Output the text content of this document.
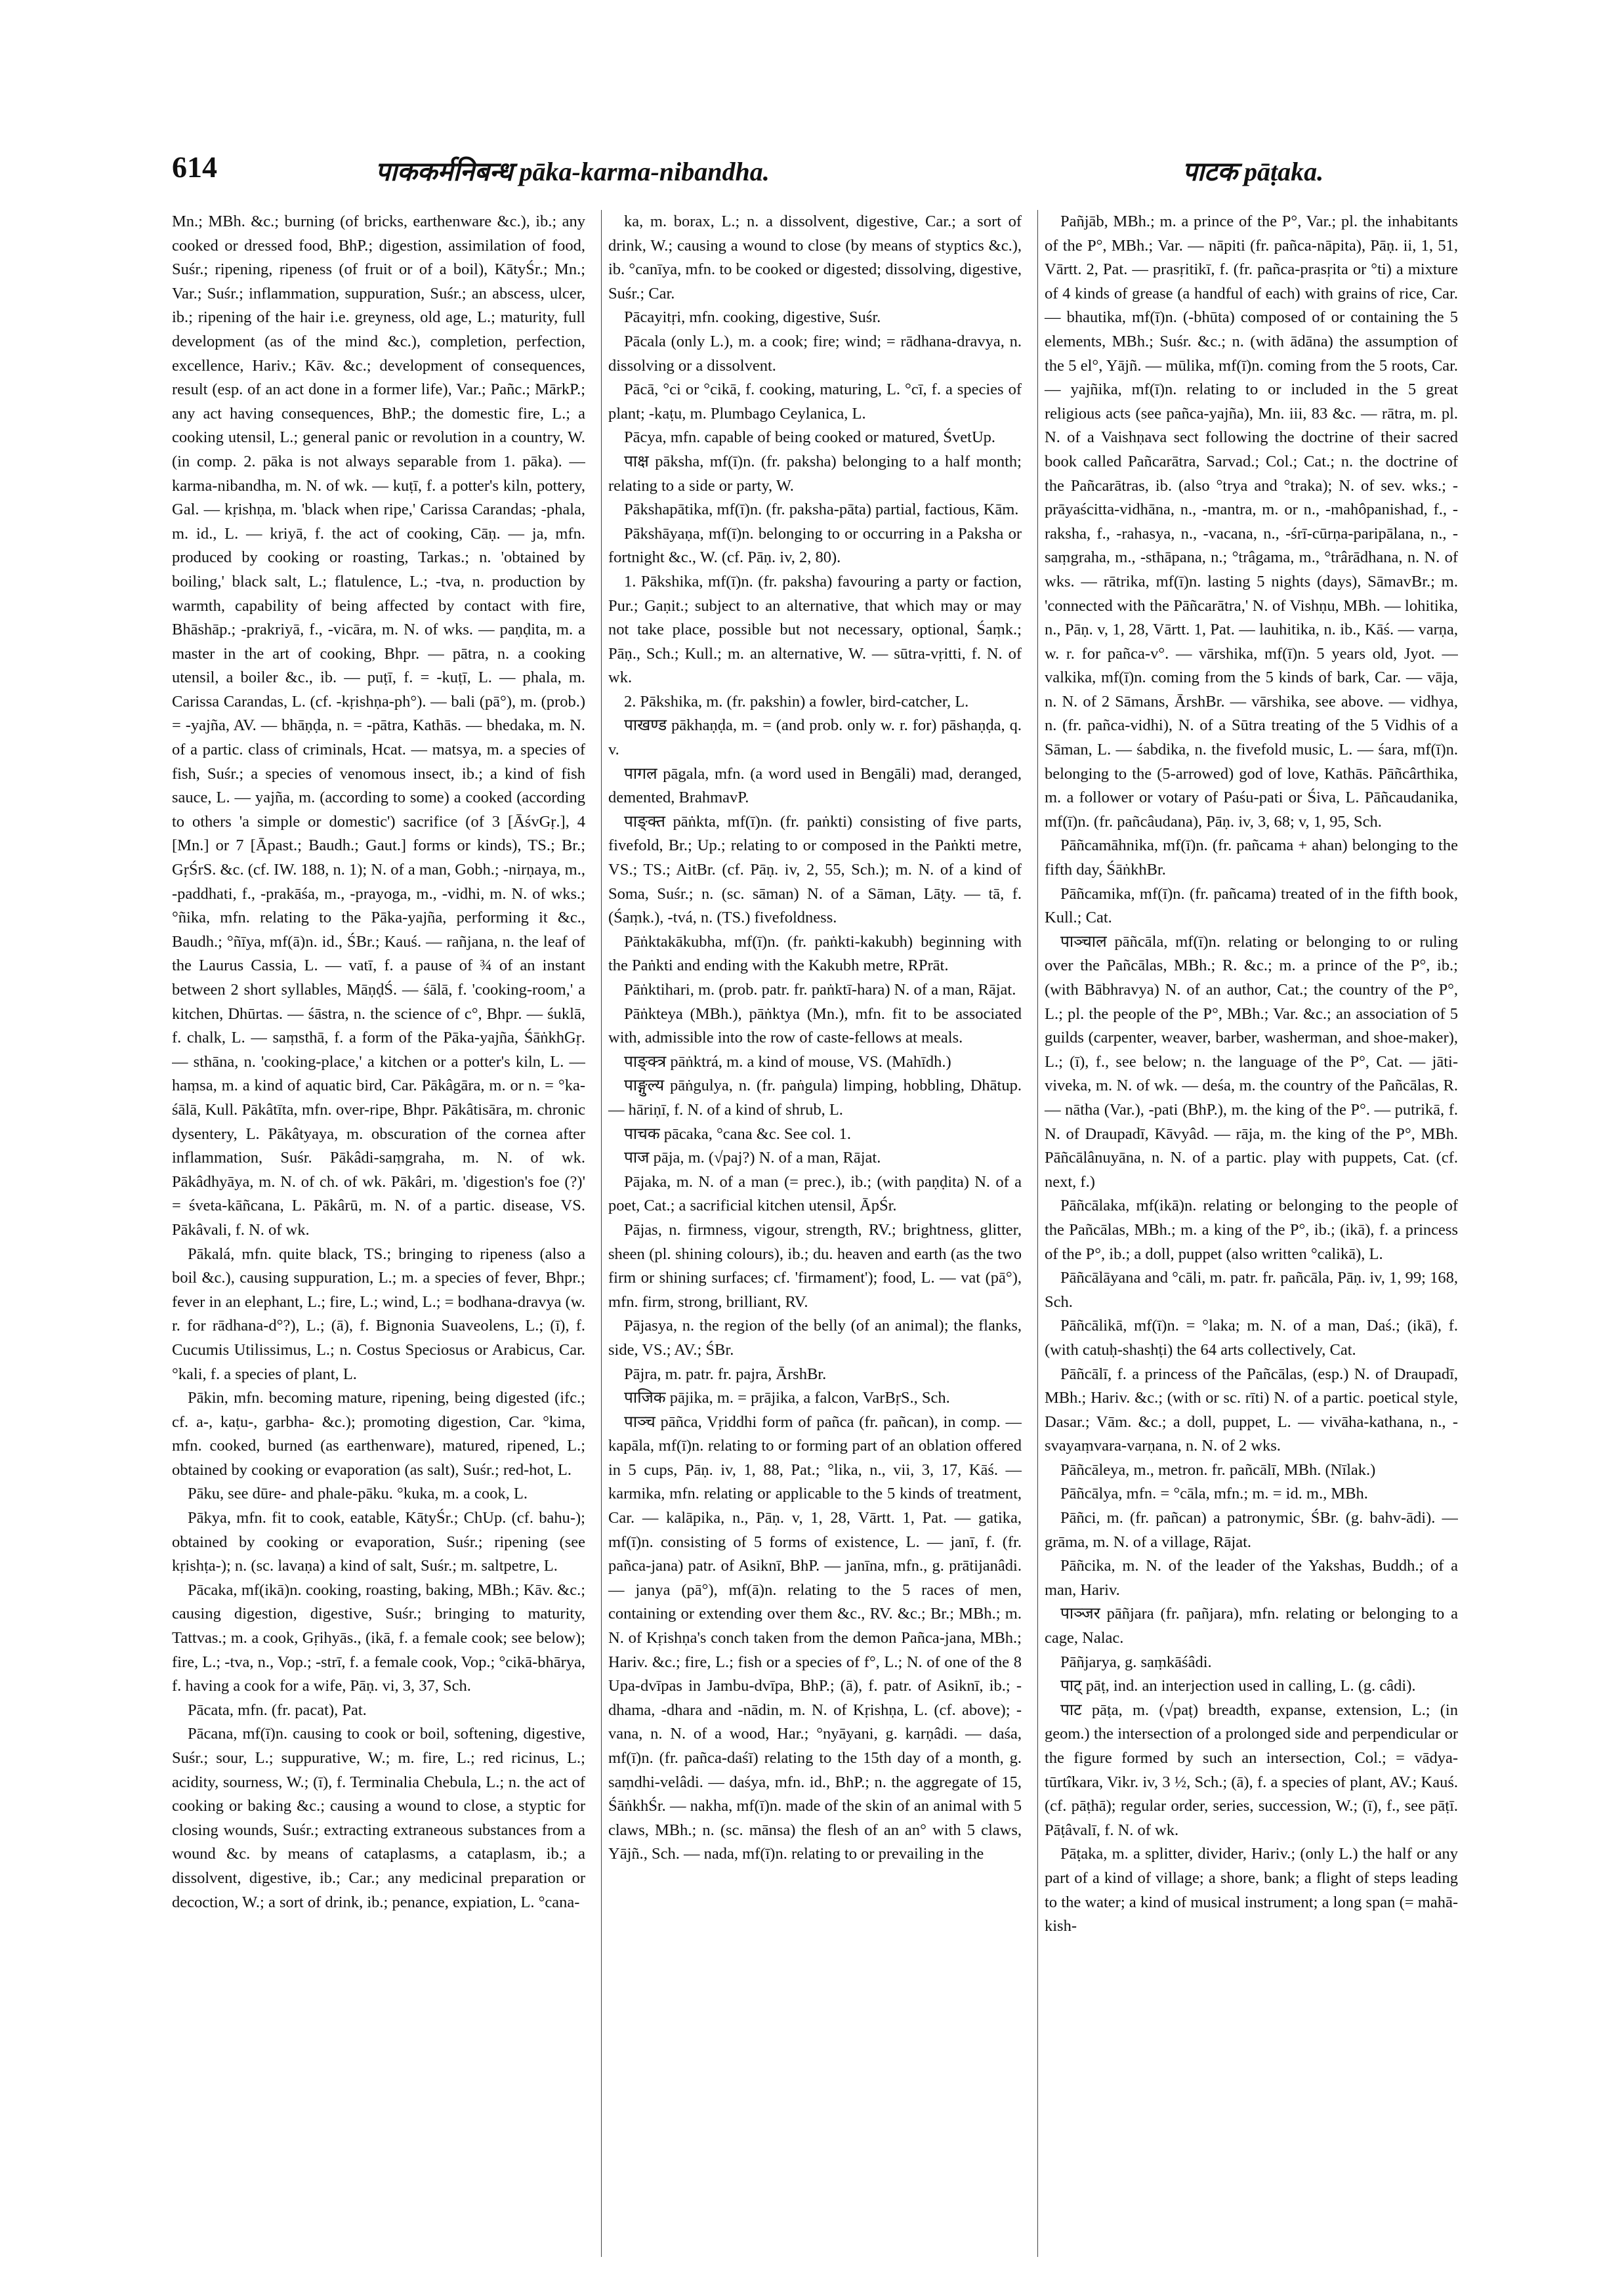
614	पाककर्मनिबन्ध pāka-karma-nibandha.	पाटक pāṭaka.

Mn.; MBh. &c.; burning (of bricks, earthenware &c.), ib.; any cooked or dressed food, BhP.; digestion, assimilation of food, Suśr.; ripening, ripeness (of fruit or of a boil), KātyŚr.; Mn.; Var.; Suśr.; inflammation, suppuration, Suśr.; an abscess, ulcer, ib.; ripening of the hair i.e. greyness, old age, L.; maturity, full development (as of the mind &c.), completion, perfection, excellence, Hariv.; Kāv. &c.; development of consequences, result (esp. of an act done in a former life), Var.; Pañc.; MārkP.; any act having consequences, BhP.; the domestic fire, L.; a cooking utensil, L.; general panic or revolution in a country, W. (in comp. 2. pāka is not always separable from 1. pāka). — karma-nibandha, m. N. of wk. — kuṭī, f. a potter's kiln, pottery, Gal. — kṛishṇa, m. 'black when ripe,' Carissa Carandas; -phala, m. id., L. — kriyā, f. the act of cooking, Cāṇ. — ja, mfn. produced by cooking or roasting, Tarkas.; n. 'obtained by boiling,' black salt, L.; flatulence, L.; -tva, n. production by warmth, capability of being affected by contact with fire, Bhāshāp.; -prakriyā, f., -vicāra, m. N. of wks. — paṇḍita, m. a master in the art of cooking, Bhpr. — pātra, n. a cooking utensil, a boiler &c., ib. — puṭī, f. = -kuṭī, L. — phala, m. Carissa Carandas, L. (cf. -kṛishṇa-ph°). — bali (pā°), m. (prob.) = -yajña, AV. — bhāṇḍa, n. = -pātra, Kathās. — bhedaka, m. N. of a partic. class of criminals, Hcat. — matsya, m. a species of fish, Suśr.; a species of venomous insect, ib.; a kind of fish sauce, L. — yajña, m. (according to some) a cooked (according to others 'a simple or domestic') sacrifice (of 3 [ĀśvGṛ.], 4 [Mn.] or 7 [Āpast.; Baudh.; Gaut.] forms or kinds), TS.; Br.; GṛŚrS. &c. (cf. IW. 188, n. 1); N. of a man, Gobh.; -nirṇaya, m., -paddhati, f., -prakāśa, m., -prayoga, m., -vidhi, m. N. of wks.; °ñika, mfn. relating to the Pāka-yajña, performing it &c., Baudh.; °ñīya, mf(ā)n. id., ŚBr.; Kauś. — rañjana, n. the leaf of the Laurus Cassia, L. — vatī, f. a pause of ¾ of an instant between 2 short syllables, MāṇḍŚ. — śālā, f. 'cooking-room,' a kitchen, Dhūrtas. — śāstra, n. the science of c°, Bhpr. — śuklā, f. chalk, L. — saṃsthā, f. a form of the Pāka-yajña, ŚāṅkhGṛ. — sthāna, n. 'cooking-place,' a kitchen or a potter's kiln, L. — haṃsa, m. a kind of aquatic bird, Car. Pākâgāra, m. or n. = °ka-śālā, Kull. Pākâtīta, mfn. over-ripe, Bhpr. Pākâtisāra, m. chronic dysentery, L. Pākâtyaya, m. obscuration of the cornea after inflammation, Suśr. Pākâdi-saṃgraha, m. N. of wk. Pākâdhyāya, m. N. of ch. of wk. Pākâri, m. 'digestion's foe (?)' = śveta-kāñcana, L. Pākârū, m. N. of a partic. disease, VS. Pākâvali, f. N. of wk.

Pākalá, mfn. quite black, TS.; bringing to ripeness (also a boil &c.), causing suppuration, L.; m. a species of fever, Bhpr.; fever in an elephant, L.; fire, L.; wind, L.; = bodhana-dravya (w. r. for rādhana-d°?), L.; (ā), f. Bignonia Suaveolens, L.; (ī), f. Cucumis Utilissimus, L.; n. Costus Speciosus or Arabicus, Car. °kali, f. a species of plant, L.

Pākin, mfn. becoming mature, ripening, being digested (ifc.; cf. a-, kaṭu-, garbha- &c.); promoting digestion, Car. °kima, mfn. cooked, burned (as earthenware), matured, ripened, L.; obtained by cooking or evaporation (as salt), Suśr.; red-hot, L.

Pāku, see dūre- and phale-pāku. °kuka, m. a cook, L.

Pākya, mfn. fit to cook, eatable, KātyŚr.; ChUp. (cf. bahu-); obtained by cooking or evaporation, Suśr.; ripening (see kṛishṭa-); n. (sc. lavaṇa) a kind of salt, Suśr.; m. saltpetre, L.

Pācaka, mf(ikā)n. cooking, roasting, baking, MBh.; Kāv. &c.; causing digestion, digestive, Suśr.; bringing to maturity, Tattvas.; m. a cook, Gṛihyās., (ikā, f. a female cook; see below); fire, L.; -tva, n., Vop.; -strī, f. a female cook, Vop.; °cikā-bhārya, f. having a cook for a wife, Pāṇ. vi, 3, 37, Sch.

Pācata, mfn. (fr. pacat), Pat.

Pācana, mf(ī)n. causing to cook or boil, softening, digestive, Suśr.; sour, L.; suppurative, W.; m. fire, L.; red ricinus, L.; acidity, sourness, W.; (ī), f. Terminalia Chebula, L.; n. the act of cooking or baking &c.; causing a wound to close, a styptic for closing wounds, Suśr.; extracting extraneous substances from a wound &c. by means of cataplasms, a cataplasm, ib.; a dissolvent, digestive, ib.; Car.; any medicinal preparation or decoction, W.; a sort of drink, ib.; penance, expiation, L. °cana-

ka, m. borax, L.; n. a dissolvent, digestive, Car.; a sort of drink, W.; causing a wound to close (by means of styptics &c.), ib. °canīya, mfn. to be cooked or digested; dissolving, digestive, Suśr.; Car.

Pācayitṛi, mfn. cooking, digestive, Suśr.

Pācala (only L.), m. a cook; fire; wind; = rādhana-dravya, n. dissolving or a dissolvent.

Pācā, °ci or °cikā, f. cooking, maturing, L. °cī, f. a species of plant; -kaṭu, m. Plumbago Ceylanica, L.

Pācya, mfn. capable of being cooked or matured, ŚvetUp.

पाक्ष pāksha, mf(ī)n. (fr. paksha) belonging to a half month; relating to a side or party, W.

Pākshapātika, mf(ī)n. (fr. paksha-pāta) partial, factious, Kām.

Pākshāyaṇa, mf(ī)n. belonging to or occurring in a Paksha or fortnight &c., W. (cf. Pāṇ. iv, 2, 80).

1. Pākshika, mf(ī)n. (fr. paksha) favouring a party or faction, Pur.; Gaṇit.; subject to an alternative, that which may or may not take place, possible but not necessary, optional, Śaṃk.; Pāṇ., Sch.; Kull.; m. an alternative, W. — sūtra-vṛitti, f. N. of wk.

2. Pākshika, m. (fr. pakshin) a fowler, bird-catcher, L.

पाखण्ड pākhaṇḍa, m. = (and prob. only w. r. for) pāshaṇḍa, q. v.

पागल pāgala, mfn. (a word used in Bengāli) mad, deranged, demented, BrahmavP.

पाङ्क्त pāṅkta, mf(ī)n. (fr. paṅkti) consisting of five parts, fivefold, Br.; Up.; relating to or composed in the Paṅkti metre, VS.; TS.; AitBr. (cf. Pāṇ. iv, 2, 55, Sch.); m. N. of a kind of Soma, Suśr.; n. (sc. sāman) N. of a Sāman, Lāṭy. — tā, f. (Śaṃk.), -tvá, n. (TS.) fivefoldness.

Pāṅktakākubha, mf(ī)n. (fr. paṅkti-kakubh) beginning with the Paṅkti and ending with the Kakubh metre, RPrāt.

Pāṅktihari, m. (prob. patr. fr. paṅktī-hara) N. of a man, Rājat.

Pāṅkteya (MBh.), pāṅktya (Mn.), mfn. fit to be associated with, admissible into the row of caste-fellows at meals.

पाङ्क्त्र pāṅktrá, m. a kind of mouse, VS. (Mahīdh.)

पाङ्गुल्य pāṅgulya, n. (fr. paṅgula) limping, hobbling, Dhātup. — hāriṇī, f. N. of a kind of shrub, L.

पाचक pācaka, °cana &c. See col. 1.

पाज pāja, m. (√paj?) N. of a man, Rājat.

Pājaka, m. N. of a man (= prec.), ib.; (with paṇḍita) N. of a poet, Cat.; a sacrificial kitchen utensil, ĀpŚr.

Pājas, n. firmness, vigour, strength, RV.; brightness, glitter, sheen (pl. shining colours), ib.; du. heaven and earth (as the two firm or shining surfaces; cf. 'firmament'); food, L. — vat (pā°), mfn. firm, strong, brilliant, RV.

Pājasya, n. the region of the belly (of an animal); the flanks, side, VS.; AV.; ŚBr.

Pājra, m. patr. fr. pajra, ĀrshBr.

पाजिक pājika, m. = prājika, a falcon, VarBṛS., Sch.

पाञ्च pāñca, Vṛiddhi form of pañca (fr. pañcan), in comp. — kapāla, mf(ī)n. relating to or forming part of an oblation offered in 5 cups, Pāṇ. iv, 1, 88, Pat.; °lika, n., vii, 3, 17, Kāś. — karmika, mfn. relating or applicable to the 5 kinds of treatment, Car. — kalāpika, n., Pāṇ. v, 1, 28, Vārtt. 1, Pat. — gatika, mf(ī)n. consisting of 5 forms of existence, L. — janī, f. (fr. pañca-jana) patr. of Asiknī, BhP. — janīna, mfn., g. prātijanâdi. — janya (pā°), mf(ā)n. relating to the 5 races of men, containing or extending over them &c., RV. &c.; Br.; MBh.; m. N. of Kṛishṇa's conch taken from the demon Pañca-jana, MBh.; Hariv. &c.; fire, L.; fish or a species of f°, L.; N. of one of the 8 Upa-dvīpas in Jambu-dvīpa, BhP.; (ā), f. patr. of Asiknī, ib.; -dhama, -dhara and -nādin, m. N. of Kṛishṇa, L. (cf. above); -vana, n. N. of a wood, Har.; °nyāyani, g. karṇâdi. — daśa, mf(ī)n. (fr. pañca-daśī) relating to the 15th day of a month, g. saṃdhi-velâdi. — daśya, mfn. id., BhP.; n. the aggregate of 15, ŚāṅkhŚr. — nakha, mf(ī)n. made of the skin of an animal with 5 claws, MBh.; n. (sc. mānsa) the flesh of an an° with 5 claws, Yājñ., Sch. — nada, mf(ī)n. relating to or prevailing in the

Pañjāb, MBh.; m. a prince of the P°, Var.; pl. the inhabitants of the P°, MBh.; Var. — nāpiti (fr. pañca-nāpita), Pāṇ. ii, 1, 51, Vārtt. 2, Pat. — prasṛitikī, f. (fr. pañca-prasṛita or °ti) a mixture of 4 kinds of grease (a handful of each) with grains of rice, Car. — bhautika, mf(ī)n. (-bhūta) composed of or containing the 5 elements, MBh.; Suśr. &c.; n. (with ādāna) the assumption of the 5 el°, Yājñ. — mūlika, mf(ī)n. coming from the 5 roots, Car. — yajñika, mf(ī)n. relating to or included in the 5 great religious acts (see pañca-yajña), Mn. iii, 83 &c. — rātra, m. pl. N. of a Vaishṇava sect following the doctrine of their sacred book called Pañcarātra, Sarvad.; Col.; Cat.; n. the doctrine of the Pañcarātras, ib. (also °trya and °traka); N. of sev. wks.; -prāyaścitta-vidhāna, n., -mantra, m. or n., -mahôpanishad, f., -raksha, f., -rahasya, n., -vacana, n., -śrī-cūrṇa-paripālana, n., -saṃgraha, m., -sthāpana, n.; °trâgama, m., °trârādhana, n. N. of wks. — rātrika, mf(ī)n. lasting 5 nights (days), SāmavBr.; m. 'connected with the Pāñcarātra,' N. of Vishṇu, MBh. — lohitika, n., Pāṇ. v, 1, 28, Vārtt. 1, Pat. — lauhitika, n. ib., Kāś. — varṇa, w. r. for pañca-v°. — vārshika, mf(ī)n. 5 years old, Jyot. — valkika, mf(ī)n. coming from the 5 kinds of bark, Car. — vāja, n. N. of 2 Sāmans, ĀrshBr. — vārshika, see above. — vidhya, n. (fr. pañca-vidhi), N. of a Sūtra treating of the 5 Vidhis of a Sāman, L. — śabdika, n. the fivefold music, L. — śara, mf(ī)n. belonging to the (5-arrowed) god of love, Kathās. Pāñcârthika, m. a follower or votary of Paśu-pati or Śiva, L. Pāñcaudanika, mf(ī)n. (fr. pañcâudana), Pāṇ. iv, 3, 68; v, 1, 95, Sch.

Pāñcamāhnika, mf(ī)n. (fr. pañcama + ahan) belonging to the fifth day, ŚāṅkhBr.

Pāñcamika, mf(ī)n. (fr. pañcama) treated of in the fifth book, Kull.; Cat.

पाञ्चाल pāñcāla, mf(ī)n. relating or belonging to or ruling over the Pañcālas, MBh.; R. &c.; m. a prince of the P°, ib.; (with Bābhravya) N. of an author, Cat.; the country of the P°, L.; pl. the people of the P°, MBh.; Var. &c.; an association of 5 guilds (carpenter, weaver, barber, washerman, and shoe-maker), L.; (ī), f., see below; n. the language of the P°, Cat. — jāti-viveka, m. N. of wk. — deśa, m. the country of the Pañcālas, R. — nātha (Var.), -pati (BhP.), m. the king of the P°. — putrikā, f. N. of Draupadī, Kāvyâd. — rāja, m. the king of the P°, MBh. Pāñcālânuyāna, n. N. of a partic. play with puppets, Cat. (cf. next, f.)

Pāñcālaka, mf(ikā)n. relating or belonging to the people of the Pañcālas, MBh.; m. a king of the P°, ib.; (ikā), f. a princess of the P°, ib.; a doll, puppet (also written °calikā), L.

Pāñcālāyana and °cāli, m. patr. fr. pañcāla, Pāṇ. iv, 1, 99; 168, Sch.

Pāñcālikā, mf(ī)n. = °laka; m. N. of a man, Daś.; (ikā), f. (with catuḥ-shashṭi) the 64 arts collectively, Cat.

Pāñcālī, f. a princess of the Pañcālas, (esp.) N. of Draupadī, MBh.; Hariv. &c.; (with or sc. rīti) N. of a partic. poetical style, Dasar.; Vām. &c.; a doll, puppet, L. — vivāha-kathana, n., -svayaṃvara-varṇana, n. N. of 2 wks.

Pāñcāleya, m., metron. fr. pañcālī, MBh. (Nīlak.)

Pāñcālya, mfn. = °cāla, mfn.; m. = id. m., MBh.

Pāñci, m. (fr. pañcan) a patronymic, ŚBr. (g. bahv-ādi). — grāma, m. N. of a village, Rājat.

Pāñcika, m. N. of the leader of the Yakshas, Buddh.; of a man, Hariv.

पाञ्जर pāñjara (fr. pañjara), mfn. relating or belonging to a cage, Nalac.

Pāñjarya, g. saṃkāśâdi.

पाट् pāṭ, ind. an interjection used in calling, L. (g. câdi).

पाट pāṭa, m. (√paṭ) breadth, expanse, extension, L.; (in geom.) the intersection of a prolonged side and perpendicular or the figure formed by such an intersection, Col.; = vādya-tūrtîkara, Vikr. iv, 3 ½, Sch.; (ā), f. a species of plant, AV.; Kauś. (cf. pāṭhā); regular order, series, succession, W.; (ī), f., see pāṭī. Pāṭâvalī, f. N. of wk.

Pāṭaka, m. a splitter, divider, Hariv.; (only L.) the half or any part of a kind of village; a shore, bank; a flight of steps leading to the water; a kind of musical instrument; a long span (= mahā-kish-
